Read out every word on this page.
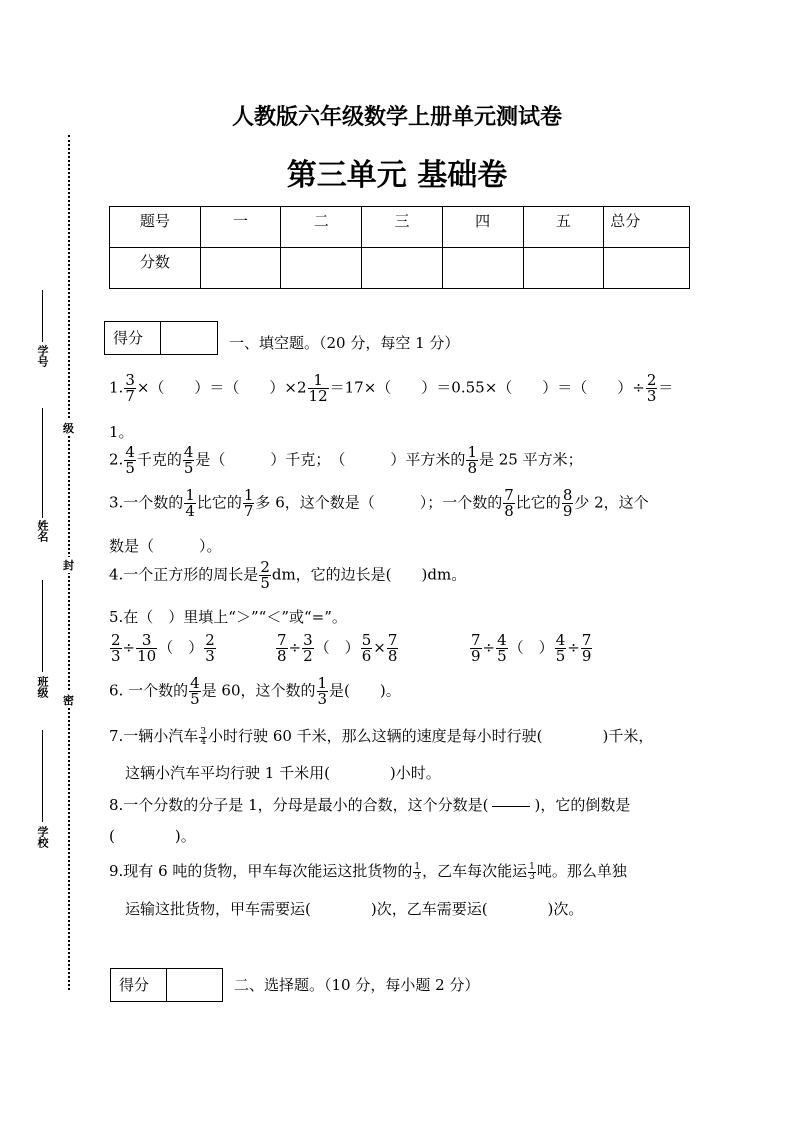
学号
姓名
班级
学校
级
封
密
人教版六年级数学上册单元测试卷
第三单元 基础卷
题号	一	二	三	四	五	总分
分数						
得分	一、填空题。（20 分，每空 1 分）
1. $\frac{3}{7}$ ×（　　）＝（　　）$\times 2 \frac{1}{12} =17\times$（　　）＝0.55×（　　）＝（　　）÷ $\frac{2}{3}$ ＝
1。
2. $\frac{4}{5}$ 千克的 $\frac{4}{5}$ 是（　　　）千克；　（　　　）平方米的 $\frac{1}{8}$ 是 25 平方米；
3.一个数的 $\frac{1}{4}$ 比它的 $\frac{1}{7}$ 多 6，这个数是（　　　）；一个数的 $\frac{7}{8}$ 比它的 $\frac{8}{9}$ 少 2，这个
数是（　　　）。
4.一个正方形的周长是 $\frac{2}{5}$ dm，它的边长是(　　)dm。
5.在（　）里填上“＞”“＜”或“=”。
$\frac{2}{3} \div \frac{3}{10}$ （　） $\frac{2}{3}$	$\frac{7}{8} \div \frac{3}{2}$ （　） $\frac{5}{6} \times \frac{7}{8}$	$\frac{7}{9} \div \frac{4}{5}$ （　） $\frac{4}{5} \div \frac{7}{9}$
6. 一个数的 $\frac{4}{5}$ 是 60，这个数的 $\frac{1}{3}$ 是(　　)。
7.一辆小汽车 $\frac{3}{4}$ 小时行驶 60 千米，那么这辆的速度是每小时行驶(　　　　)千米，
这辆小汽车平均行驶 1 千米用(　　　　)小时。
8.一个分数的分子是 1，分母是最小的合数，这个分数是(	)，它的倒数是
(　　　　)。
9.现有 6 吨的货物，甲车每次能运这批货物的 $\frac{1}{3}$ ，乙车每次能运 $\frac{1}{3}$ 吨。那么单独
运输这批货物，甲车需要运(　　　　)次，乙车需要运(　　　　)次。
得分	二、选择题。（10 分，每小题 2 分）
